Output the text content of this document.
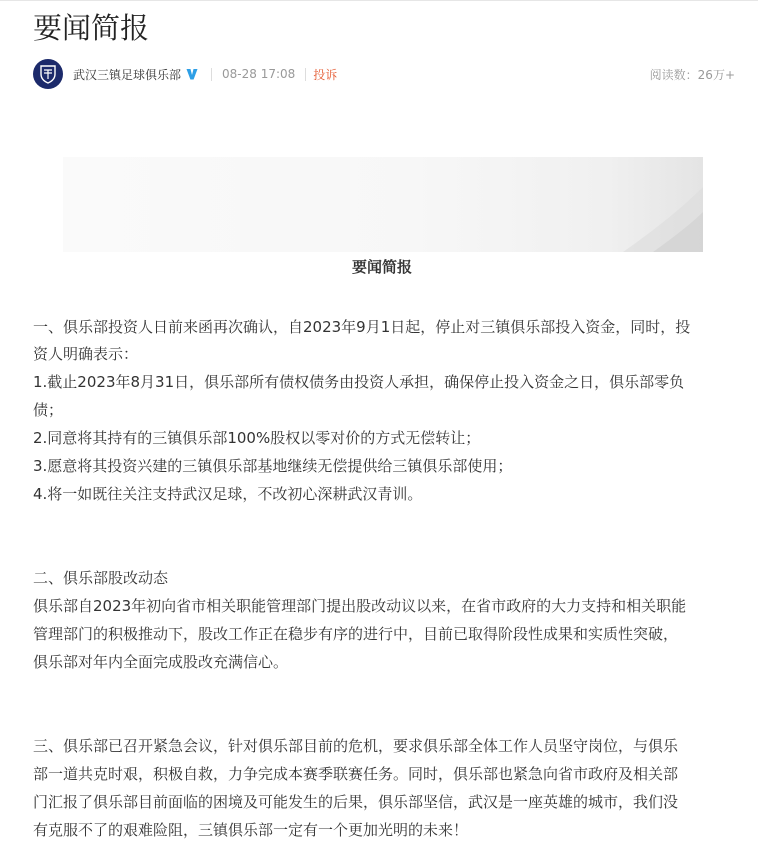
要闻简报
武汉三镇足球俱乐部	08-28 17:08 投诉	阅读数：26万+
要闻简报

一、俱乐部投资人日前来函再次确认，自2023年9月1日起，停止对三镇俱乐部投入资金，同时，投

资人明确表示：

1.截止2023年8月31日，俱乐部所有债权债务由投资人承担，确保停止投入资金之日，俱乐部零负

债；

2.同意将其持有的三镇俱乐部100%股权以零对价的方式无偿转让；

3.愿意将其投资兴建的三镇俱乐部基地继续无偿提供给三镇俱乐部使用；

4.将一如既往关注支持武汉足球，不改初心深耕武汉青训。

二、俱乐部股改动态

俱乐部自2023年初向省市相关职能管理部门提出股改动议以来，在省市政府的大力支持和相关职能

管理部门的积极推动下，股改工作正在稳步有序的进行中，目前已取得阶段性成果和实质性突破，

俱乐部对年内全面完成股改充满信心。

三、俱乐部已召开紧急会议，针对俱乐部目前的危机，要求俱乐部全体工作人员坚守岗位，与俱乐

部一道共克时艰，积极自救，力争完成本赛季联赛任务。同时，俱乐部也紧急向省市政府及相关部

门汇报了俱乐部目前面临的困境及可能发生的后果，俱乐部坚信，武汉是一座英雄的城市，我们没

有克服不了的艰难险阻，三镇俱乐部一定有一个更加光明的未来！
